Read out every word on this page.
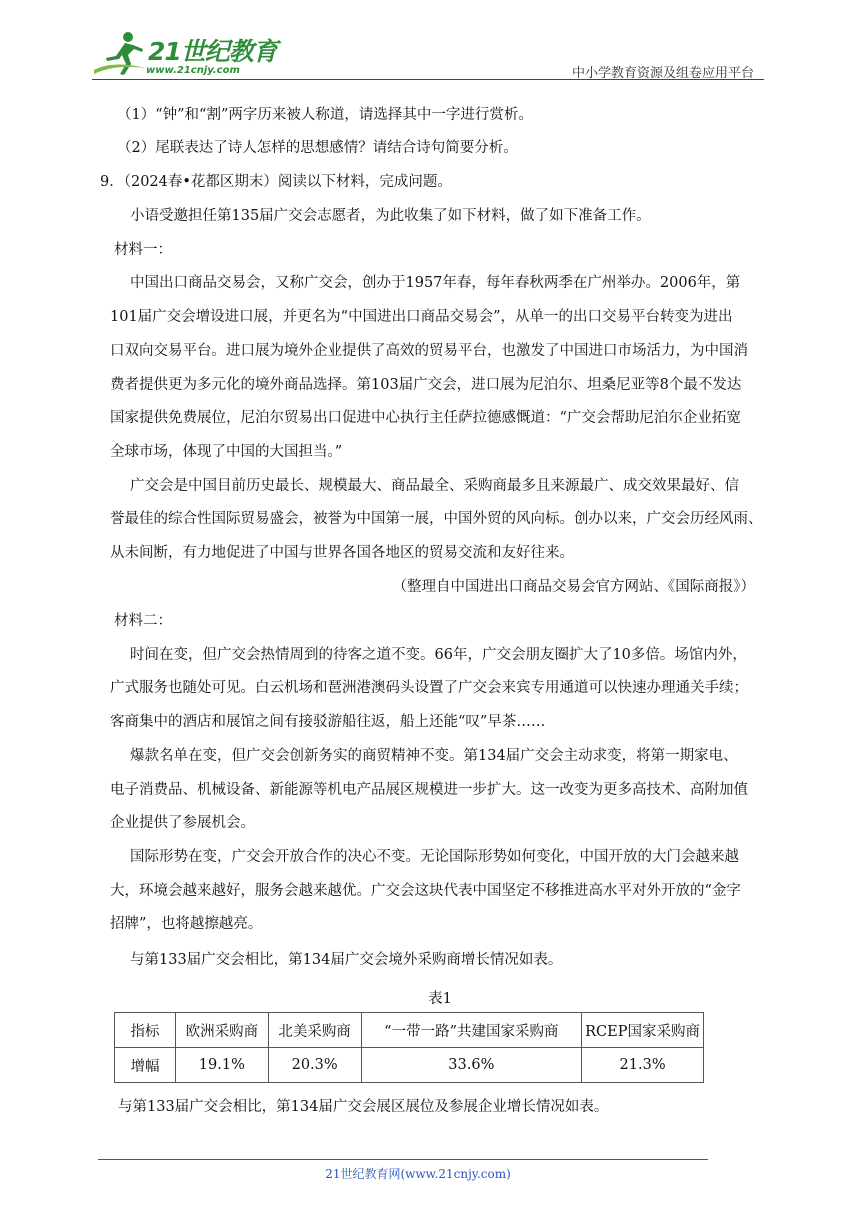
21世纪教育
www.21cnjy.com	中小学教育资源及组卷应用平台
（1）“钟”和“割”两字历来被人称道，请选择其中一字进行赏析。
（2）尾联表达了诗人怎样的思想感情？请结合诗句简要分析。
9．（2024春•花都区期末）阅读以下材料，完成问题。
小语受邀担任第135届广交会志愿者，为此收集了如下材料，做了如下准备工作。
材料一：
中国出口商品交易会，又称广交会，创办于1957年春，每年春秋两季在广州举办。2006年，第
101届广交会增设进口展，并更名为“中国进出口商品交易会”，从单一的出口交易平台转变为进出
口双向交易平台。进口展为境外企业提供了高效的贸易平台，也激发了中国进口市场活力，为中国消
费者提供更为多元化的境外商品选择。第103届广交会，进口展为尼泊尔、坦桑尼亚等8个最不发达
国家提供免费展位，尼泊尔贸易出口促进中心执行主任萨拉德感慨道：“广交会帮助尼泊尔企业拓宽
全球市场，体现了中国的大国担当。”
广交会是中国目前历史最长、规模最大、商品最全、采购商最多且来源最广、成交效果最好、信
誉最佳的综合性国际贸易盛会，被誉为中国第一展，中国外贸的风向标。创办以来，广交会历经风雨、
从未间断，有力地促进了中国与世界各国各地区的贸易交流和友好往来。
（整理自中国进出口商品交易会官方网站、《国际商报》）
材料二：
时间在变，但广交会热情周到的待客之道不变。66年，广交会朋友圈扩大了10多倍。场馆内外，
广式服务也随处可见。白云机场和琶洲港澳码头设置了广交会来宾专用通道可以快速办理通关手续；
客商集中的酒店和展馆之间有接驳游船往返，船上还能“叹”早茶……
爆款名单在变，但广交会创新务实的商贸精神不变。第134届广交会主动求变，将第一期家电、
电子消费品、机械设备、新能源等机电产品展区规模进一步扩大。这一改变为更多高技术、高附加值
企业提供了参展机会。
国际形势在变，广交会开放合作的决心不变。无论国际形势如何变化，中国开放的大门会越来越
大，环境会越来越好，服务会越来越优。广交会这块代表中国坚定不移推进高水平对外开放的“金字
招牌”，也将越擦越亮。
与第133届广交会相比，第134届广交会境外采购商增长情况如表。
表1
指标	欧洲采购商	北美采购商	“一带一路”共建国家采购商	RCEP国家采购商
增幅	19.1%	20.3%	33.6%	21.3%
与第133届广交会相比，第134届广交会展区展位及参展企业增长情况如表。
21世纪教育网(www.21cnjy.com)
